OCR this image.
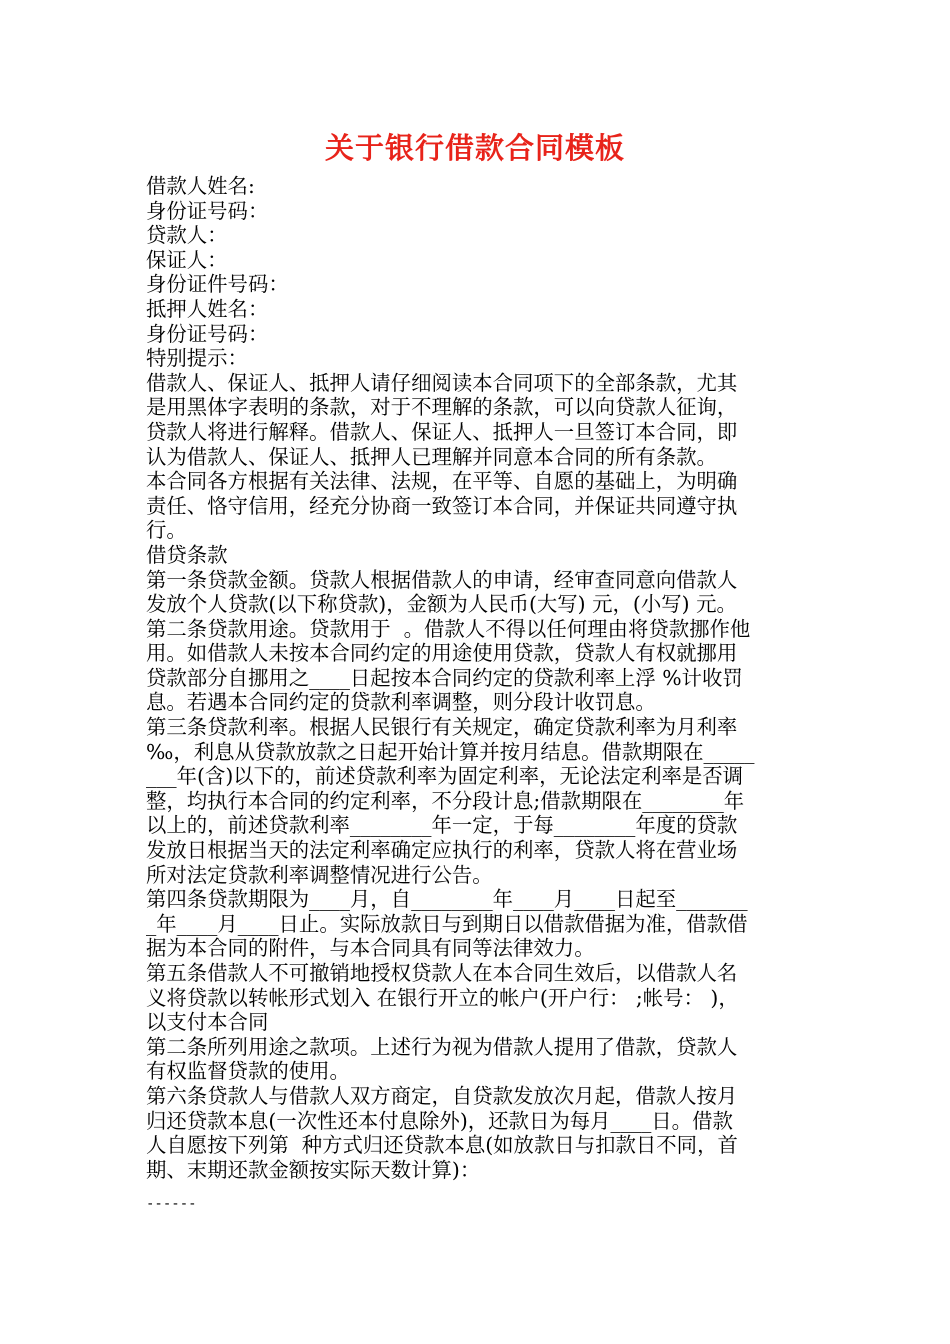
关于银行借款合同模板
借款人姓名:
身份证号码：
贷款人：
保证人：
身份证件号码：
抵押人姓名：
身份证号码：
特别提示：
借款人、保证人、抵押人请仔细阅读本合同项下的全部条款，尤其
是用黑体字表明的条款，对于不理解的条款，可以向贷款人征询，
贷款人将进行解释。借款人、保证人、抵押人一旦签订本合同，即
认为借款人、保证人、抵押人已理解并同意本合同的所有条款。
本合同各方根据有关法律、法规，在平等、自愿的基础上，为明确
责任、恪守信用，经充分协商一致签订本合同，并保证共同遵守执
行。
借贷条款
第一条贷款金额。贷款人根据借款人的申请，经审查同意向借款人
发放个人贷款(以下称贷款)，金额为人民币(大写) 元，(小写) 元。
第二条贷款用途。贷款用于  。借款人不得以任何理由将贷款挪作他
用。如借款人未按本合同约定的用途使用贷款，贷款人有权就挪用
贷款部分自挪用之____日起按本合同约定的贷款利率上浮 %计收罚
息。若遇本合同约定的贷款利率调整，则分段计收罚息。
第三条贷款利率。根据人民银行有关规定，确定贷款利率为月利率
‰，利息从贷款放款之日起开始计算并按月结息。借款期限在_____
___年(含)以下的，前述贷款利率为固定利率，无论法定利率是否调
整，均执行本合同的约定利率，不分段计息;借款期限在________年
以上的，前述贷款利率________年一定，于每________年度的贷款
发放日根据当天的法定利率确定应执行的利率，贷款人将在营业场
所对法定贷款利率调整情况进行公告。
第四条贷款期限为____月，自________年____月____日起至_______
_年____月____日止。实际放款日与到期日以借款借据为准，借款借
据为本合同的附件，与本合同具有同等法律效力。
第五条借款人不可撤销地授权贷款人在本合同生效后，以借款人名
义将贷款以转帐形式划入 在银行开立的帐户(开户行： ;帐号： )，
以支付本合同
第二条所列用途之款项。上述行为视为借款人提用了借款，贷款人
有权监督贷款的使用。
第六条贷款人与借款人双方商定，自贷款发放次月起，借款人按月
归还贷款本息(一次性还本付息除外)，还款日为每月____日。借款
人自愿按下列第  种方式归还贷款本息(如放款日与扣款日不同，首
期、末期还款金额按实际天数计算)：
------
